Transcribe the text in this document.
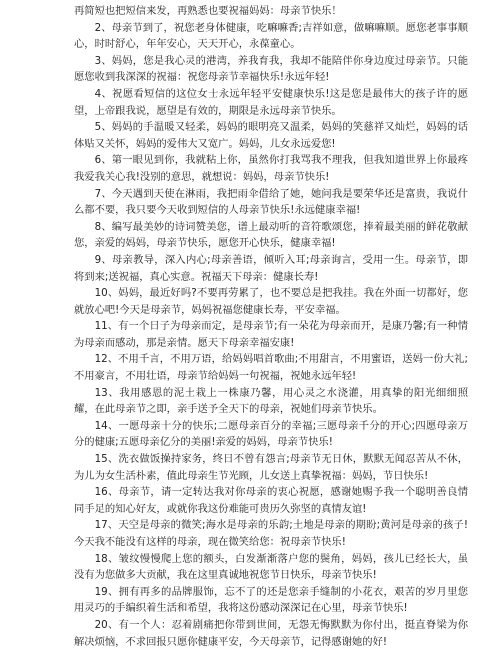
再简短也把短信来发，再熟悉也要祝福妈妈：母亲节快乐！

2、母亲节到了，祝您老身体健康，吃嘛嘛香;吉祥如意，做嘛嘛顺。愿您老事事顺心，时时舒心，年年安心，天天开心，永葆童心。

3、妈妈，您是我心灵的港湾，养我育我，我却不能陪伴你身边度过母亲节。只能愿您收到我深深的祝福：祝您母亲节幸福快乐!永远年轻!

4、祝愿看短信的这位女士永远年轻平安健康快乐!这是您是最伟大的孩子许的愿望，上帝跟我说，愿望是有效的，期限是永远母亲节快乐。

5、妈妈的手温暖又轻柔，妈妈的眼明亮又温柔，妈妈的笑慈祥又灿烂，妈妈的话体贴又关怀，妈妈的爱伟大又宽广。妈妈，儿女永远爱您!

6、第一眼见到你，我就粘上你，虽然你打我骂我不理我，但我知道世界上你最疼我爱我关心我!没别的意思，就想说：妈妈，母亲节快乐!

7、今天遇到天使在淋雨，我把雨伞借给了她，她问我是要荣华还是富贵，我说什么都不要，我只要今天收到短信的人母亲节快乐!永远健康幸福!

8、编写最美妙的诗词赞美您，谱上最动听的音符歌颂您，捧着最美丽的鲜花敬献您，亲爱的妈妈，母亲节快乐，愿您开心快乐，健康幸福!

9、母亲教导，深入内心;母亲善语，倾听入耳;母亲询言，受用一生。母亲节，即将到来;送祝福，真心实意。祝福天下母亲：健康长寿!

10、妈妈，最近好吗?不要再劳累了，也不要总是把我挂。我在外面一切都好，您就放心吧!今天是母亲节，妈妈祝福您健康长寿，平安幸福。

11、有一个日子为母亲而定，是母亲节;有一朵花为母亲而开，是康乃馨;有一种情为母亲而感动，那是亲情。愿天下母亲幸福安康!

12、不用千言，不用万语，给妈妈唱首歌曲;不用甜言，不用蜜语，送妈一份大礼;不用豪言，不用壮语，母亲节给妈妈一句祝福，祝她永远年轻!

13、我用感恩的泥土栽上一株康乃馨，用心灵之水浇灌，用真挚的阳光细细照耀，在此母亲节之即，亲手送予全天下的母亲，祝她们母亲节快乐。

14、一愿母亲十分的快乐;二愿母亲百分的幸福;三愿母亲千分的开心;四愿母亲万分的健康;五愿母亲亿分的美丽!亲爱的妈妈，母亲节快乐!

15、洗衣做饭操持家务，终日不曾有怨言;母亲节无日休，默默无闻忍苦从不休，为儿为女生活朴素，值此母亲生节光顾，儿女送上真挚祝福：妈妈，节日快乐!

16、母亲节，请一定转达我对你母亲的衷心祝愿，感谢她赐予我一个聪明善良情同手足的知心好友，或就你我这份难能可贵历久弥坚的真情友谊!

17、天空是母亲的微笑;海水是母亲的乐韵;土地是母亲的期盼;黄河是母亲的孩子!今天我不能没有这样的母亲，现在微笑给您：祝母亲节快乐!

18、皱纹慢慢爬上您的额头，白发渐渐落户您的鬓角，妈妈，孩儿已经长大，虽没有为您做多大贡献，我在这里真诚地祝您节日快乐，母亲节快乐!

19、拥有再多的品牌服饰，忘不了的还是您亲手缝制的小花衣，艰苦的岁月里您用灵巧的手编织着生活和希望，我将这份感动深深记在心里，母亲节快乐!

20、有一个人：忍着剧痛把你带到世间，无怨无悔默默为你付出，挺直脊梁为你解决烦恼，不求回报只愿你健康平安，今天母亲节，记得感谢她的好!
